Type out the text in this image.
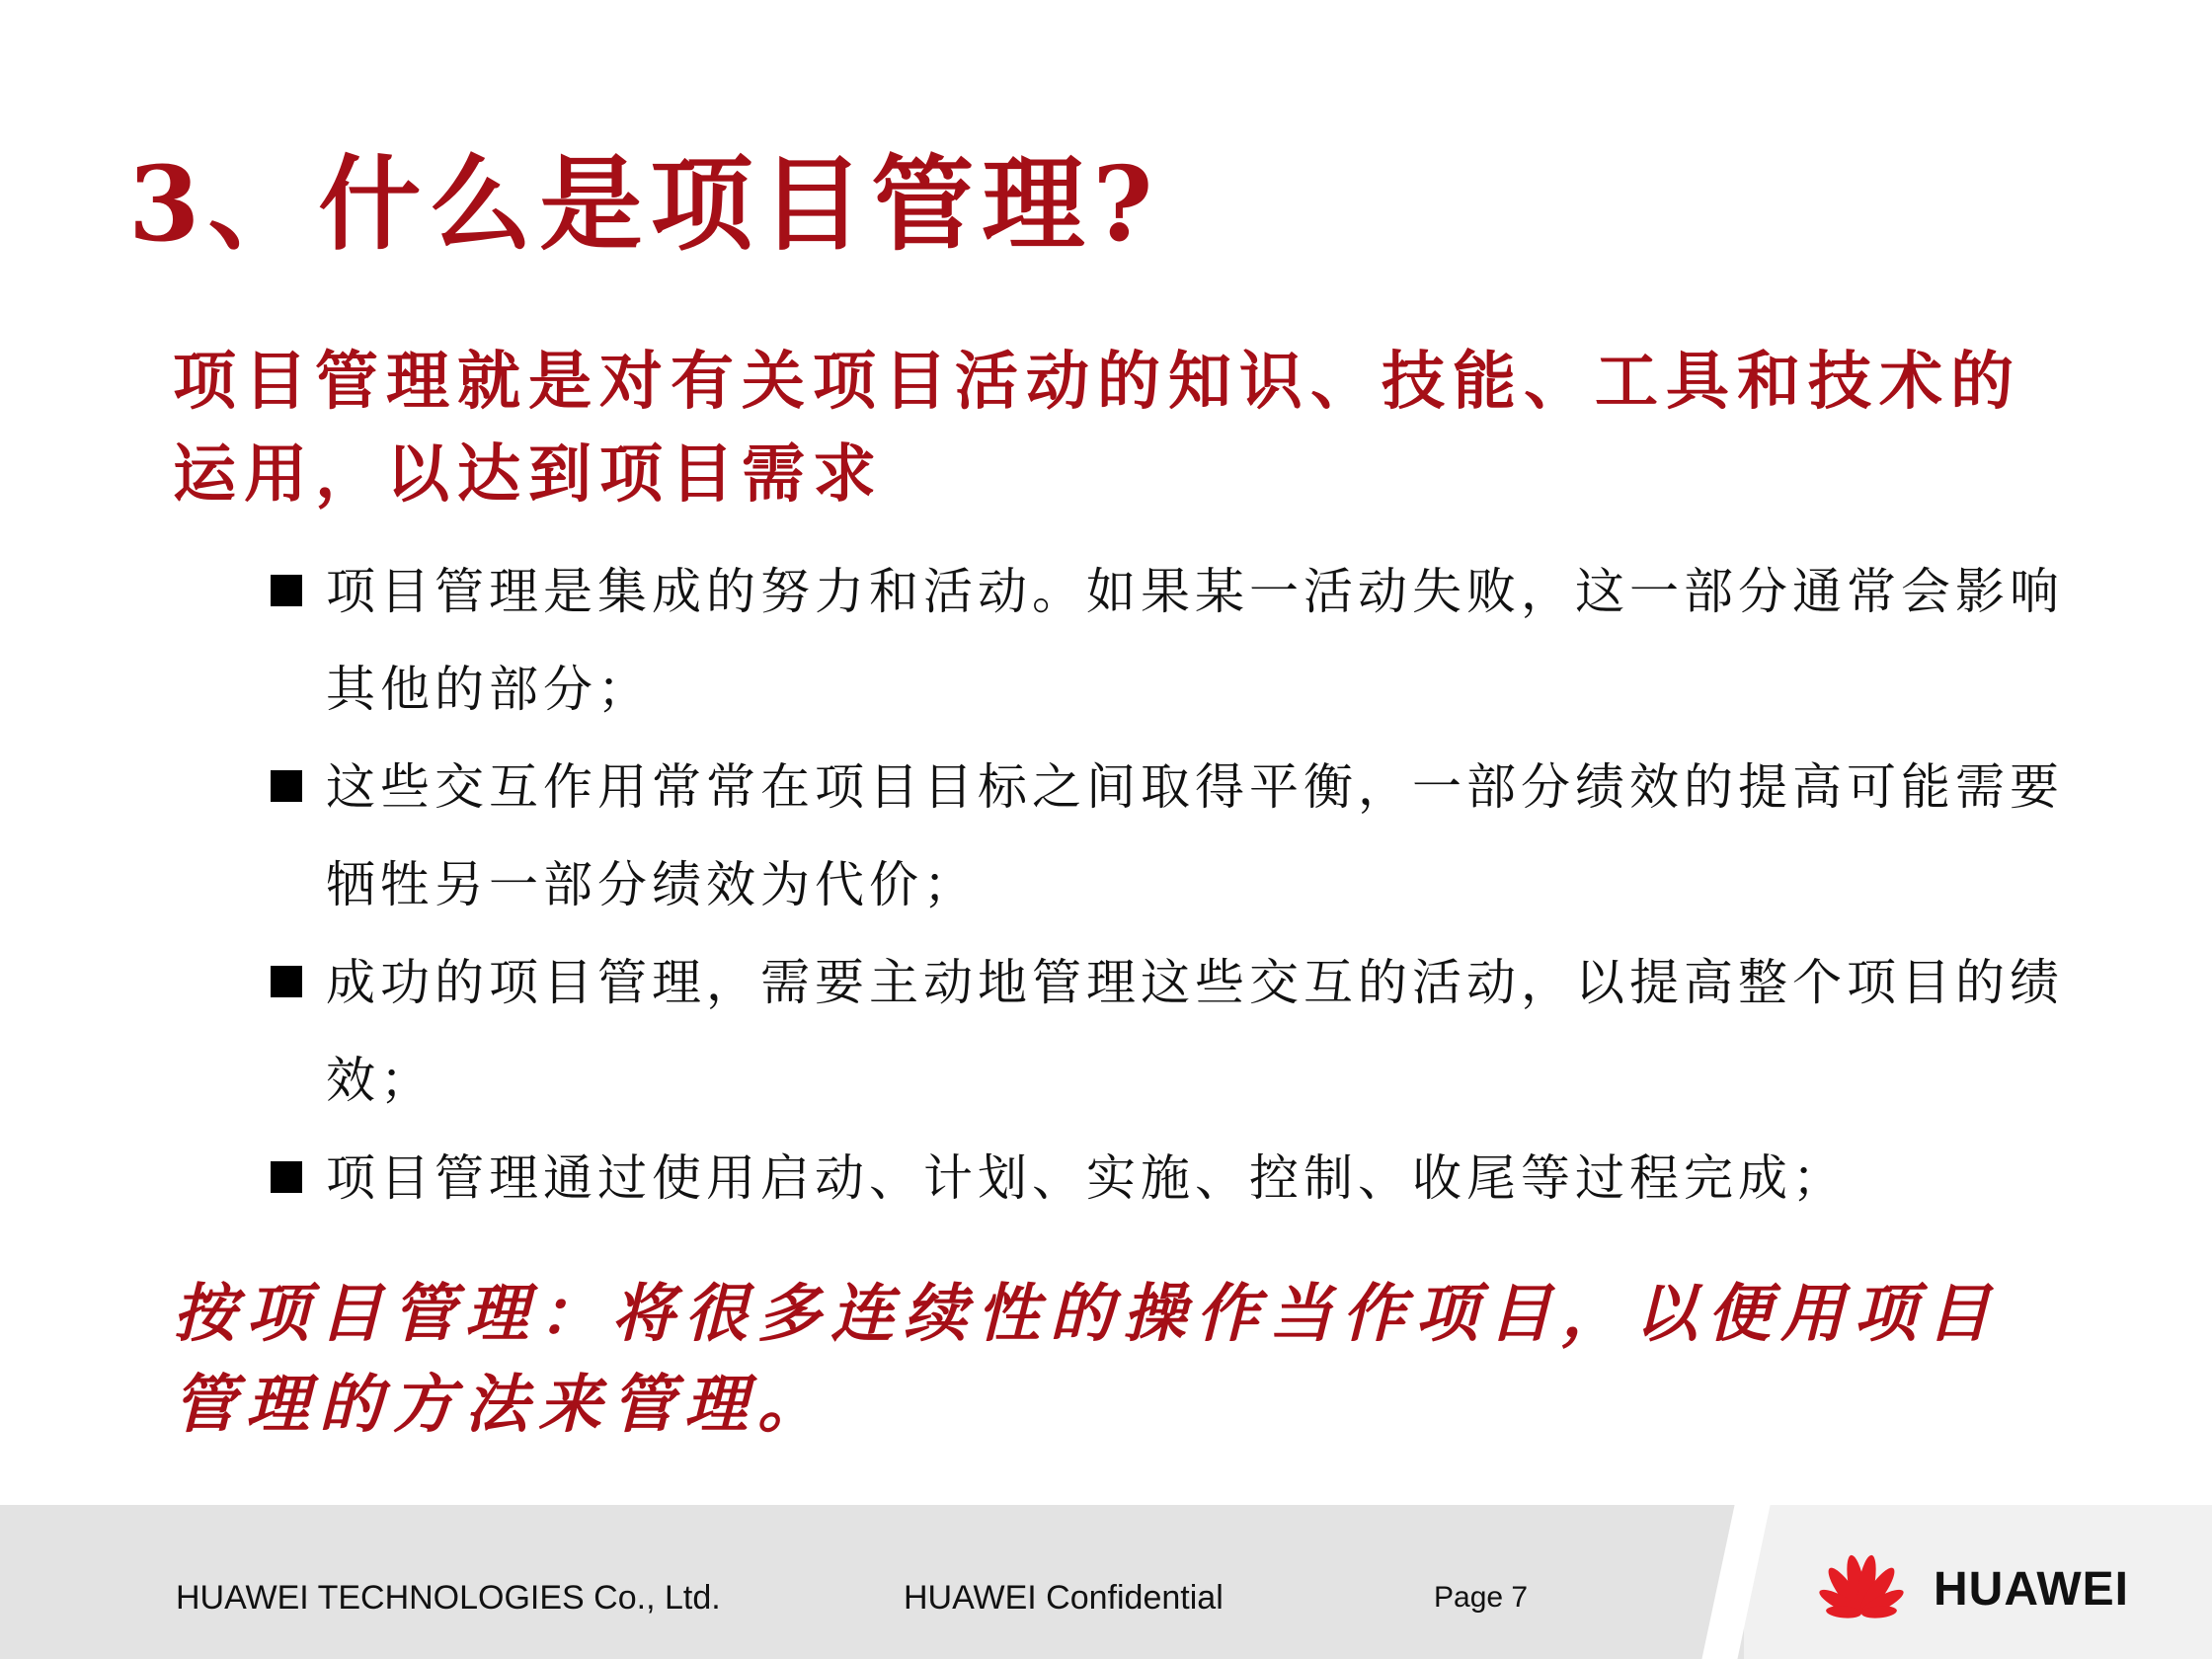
3、什么是项目管理?
项目管理就是对有关项目活动的知识、技能、工具和技术的运用，以达到项目需求
项目管理是集成的努力和活动。如果某一活动失败，这一部分通常会影响其他的部分；
这些交互作用常常在项目目标之间取得平衡，一部分绩效的提高可能需要牺牲另一部分绩效为代价；
成功的项目管理，需要主动地管理这些交互的活动，以提高整个项目的绩效；
项目管理通过使用启动、计划、实施、控制、收尾等过程完成；
按项目管理：将很多连续性的操作当作项目，以便用项目管理的方法来管理。
HUAWEI TECHNOLOGIES Co., Ltd.	HUAWEI Confidential	Page 7	HUAWEI
